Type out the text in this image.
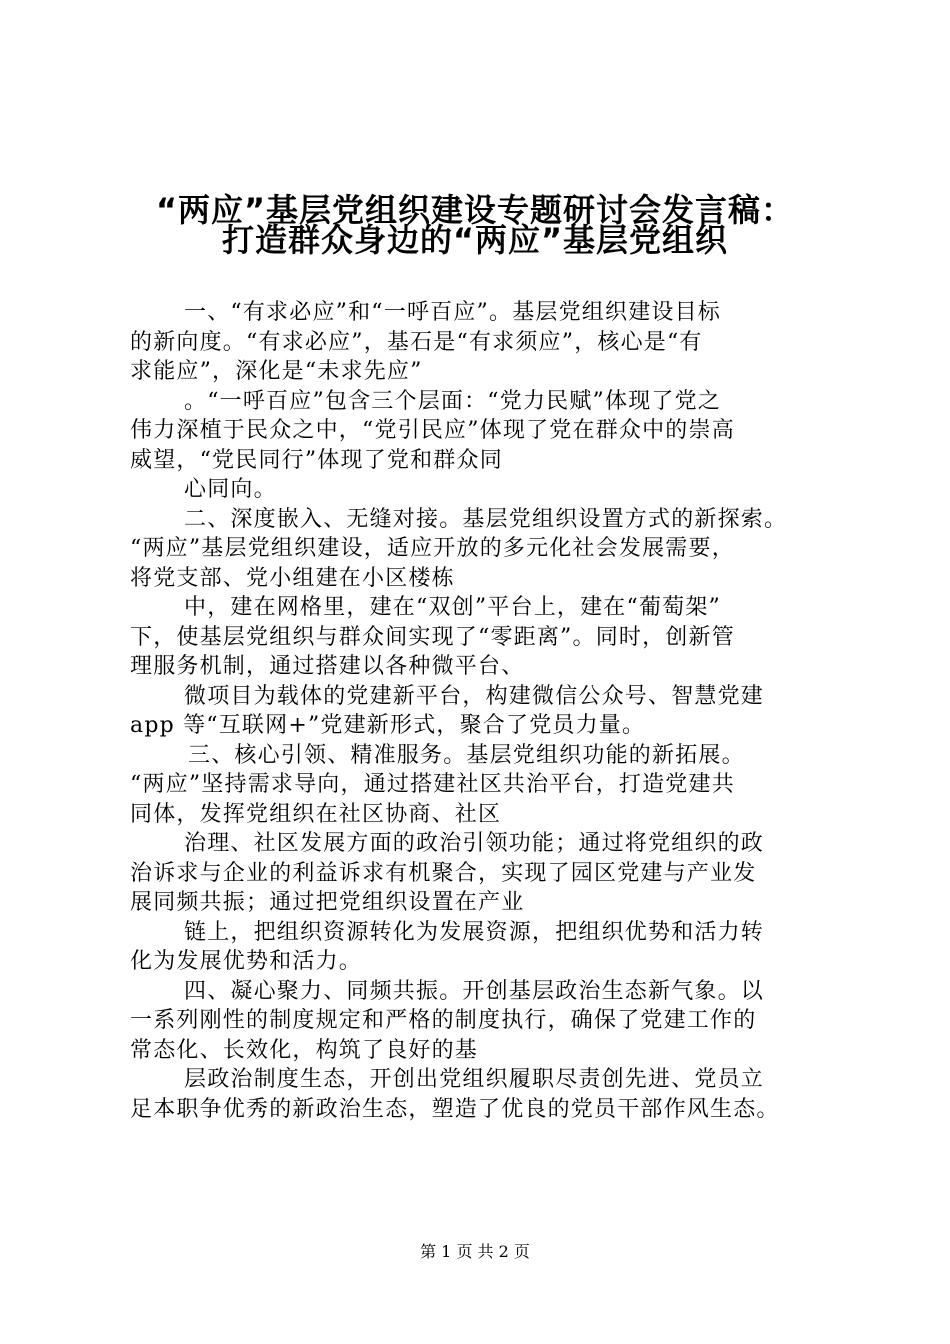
“两应”基层党组织建设专题研讨会发言稿：
打造群众身边的“两应”基层党组织
一、“有求必应”和“一呼百应”。基层党组织建设目标
的新向度。“有求必应”，基石是“有求须应”，核心是“有
求能应”，深化是“未求先应”
。“一呼百应”包含三个层面：“党力民赋”体现了党之
伟力深植于民众之中，“党引民应”体现了党在群众中的崇高
威望，“党民同行”体现了党和群众同
心同向。
二、深度嵌入、无缝对接。基层党组织设置方式的新探索。
“两应”基层党组织建设，适应开放的多元化社会发展需要，
将党支部、党小组建在小区楼栋
中，建在网格里，建在“双创”平台上，建在“葡萄架”
下，使基层党组织与群众间实现了“零距离”。同时，创新管
理服务机制，通过搭建以各种微平台、
微项目为载体的党建新平台，构建微信公众号、智慧党建
app 等“互联网+”党建新形式，聚合了党员力量。
三、核心引领、精准服务。基层党组织功能的新拓展。
“两应”坚持需求导向，通过搭建社区共治平台，打造党建共
同体，发挥党组织在社区协商、社区
治理、社区发展方面的政治引领功能；通过将党组织的政
治诉求与企业的利益诉求有机聚合，实现了园区党建与产业发
展同频共振；通过把党组织设置在产业
链上，把组织资源转化为发展资源，把组织优势和活力转
化为发展优势和活力。
四、凝心聚力、同频共振。开创基层政治生态新气象。以
一系列刚性的制度规定和严格的制度执行，确保了党建工作的
常态化、长效化，构筑了良好的基
层政治制度生态，开创出党组织履职尽责创先进、党员立
足本职争优秀的新政治生态，塑造了优良的党员干部作风生态。
第 1 页 共 2 页
